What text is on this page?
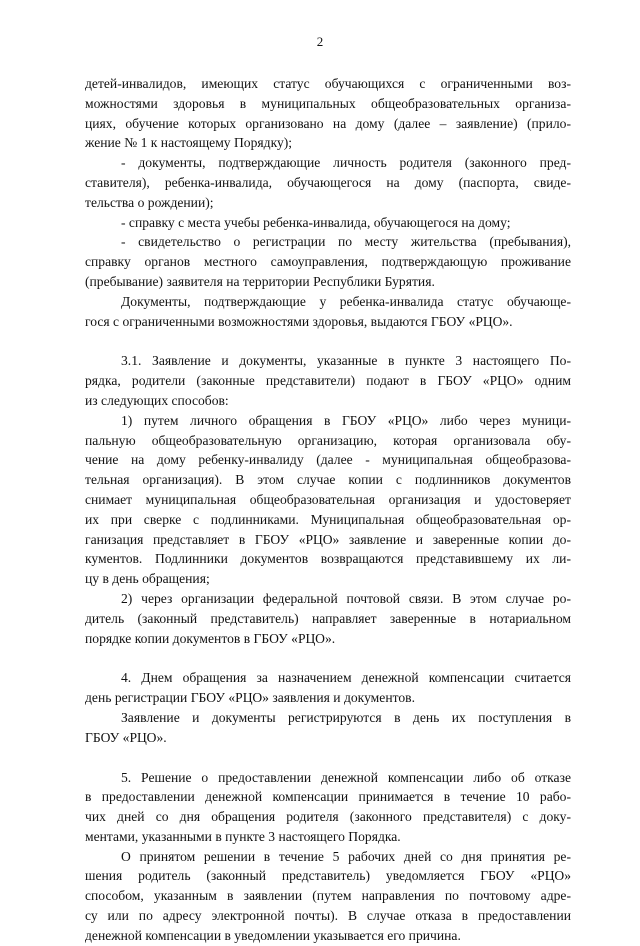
2
детей-инвалидов, имеющих статус обучающихся с ограниченными воз-
можностями здоровья в муниципальных общеобразовательных организа-
циях, обучение которых организовано на дому (далее – заявление) (прило-
жение № 1 к настоящему Порядку);
- документы, подтверждающие личность родителя (законного пред-
ставителя), ребенка-инвалида, обучающегося на дому (паспорта, свиде-
тельства о рождении);
- справку с места учебы ребенка-инвалида, обучающегося на дому;
- свидетельство о регистрации по месту жительства (пребывания),
справку органов местного самоуправления, подтверждающую проживание
(пребывание) заявителя на территории Республики Бурятия.
Документы, подтверждающие у ребенка-инвалида статус обучающе-
гося с ограниченными возможностями здоровья, выдаются ГБОУ «РЦО».
3.1. Заявление и документы, указанные в пункте 3 настоящего По-
рядка, родители (законные представители) подают в ГБОУ «РЦО» одним
из следующих способов:
1) путем личного обращения в ГБОУ «РЦО» либо через муници-
пальную общеобразовательную организацию, которая организовала обу-
чение на дому ребенку-инвалиду (далее - муниципальная общеобразова-
тельная организация). В этом случае копии с подлинников документов
снимает муниципальная общеобразовательная организация и удостоверяет
их при сверке с подлинниками. Муниципальная общеобразовательная ор-
ганизация представляет в ГБОУ «РЦО» заявление и заверенные копии до-
кументов. Подлинники документов возвращаются представившему их ли-
цу в день обращения;
2) через организации федеральной почтовой связи. В этом случае ро-
дитель (законный представитель) направляет заверенные в нотариальном
порядке копии документов в ГБОУ «РЦО».
4. Днем обращения за назначением денежной компенсации считается
день регистрации ГБОУ «РЦО» заявления и документов.
Заявление и документы регистрируются в день их поступления в
ГБОУ «РЦО».
5. Решение о предоставлении денежной компенсации либо об отказе
в предоставлении денежной компенсации принимается в течение 10 рабо-
чих дней со дня обращения родителя (законного представителя) с доку-
ментами, указанными в пункте 3 настоящего Порядка.
О принятом решении в течение 5 рабочих дней со дня принятия ре-
шения родитель (законный представитель) уведомляется ГБОУ «РЦО»
способом, указанным в заявлении (путем направления по почтовому адре-
су или по адресу электронной почты). В случае отказа в предоставлении
денежной компенсации в уведомлении указывается его причина.
